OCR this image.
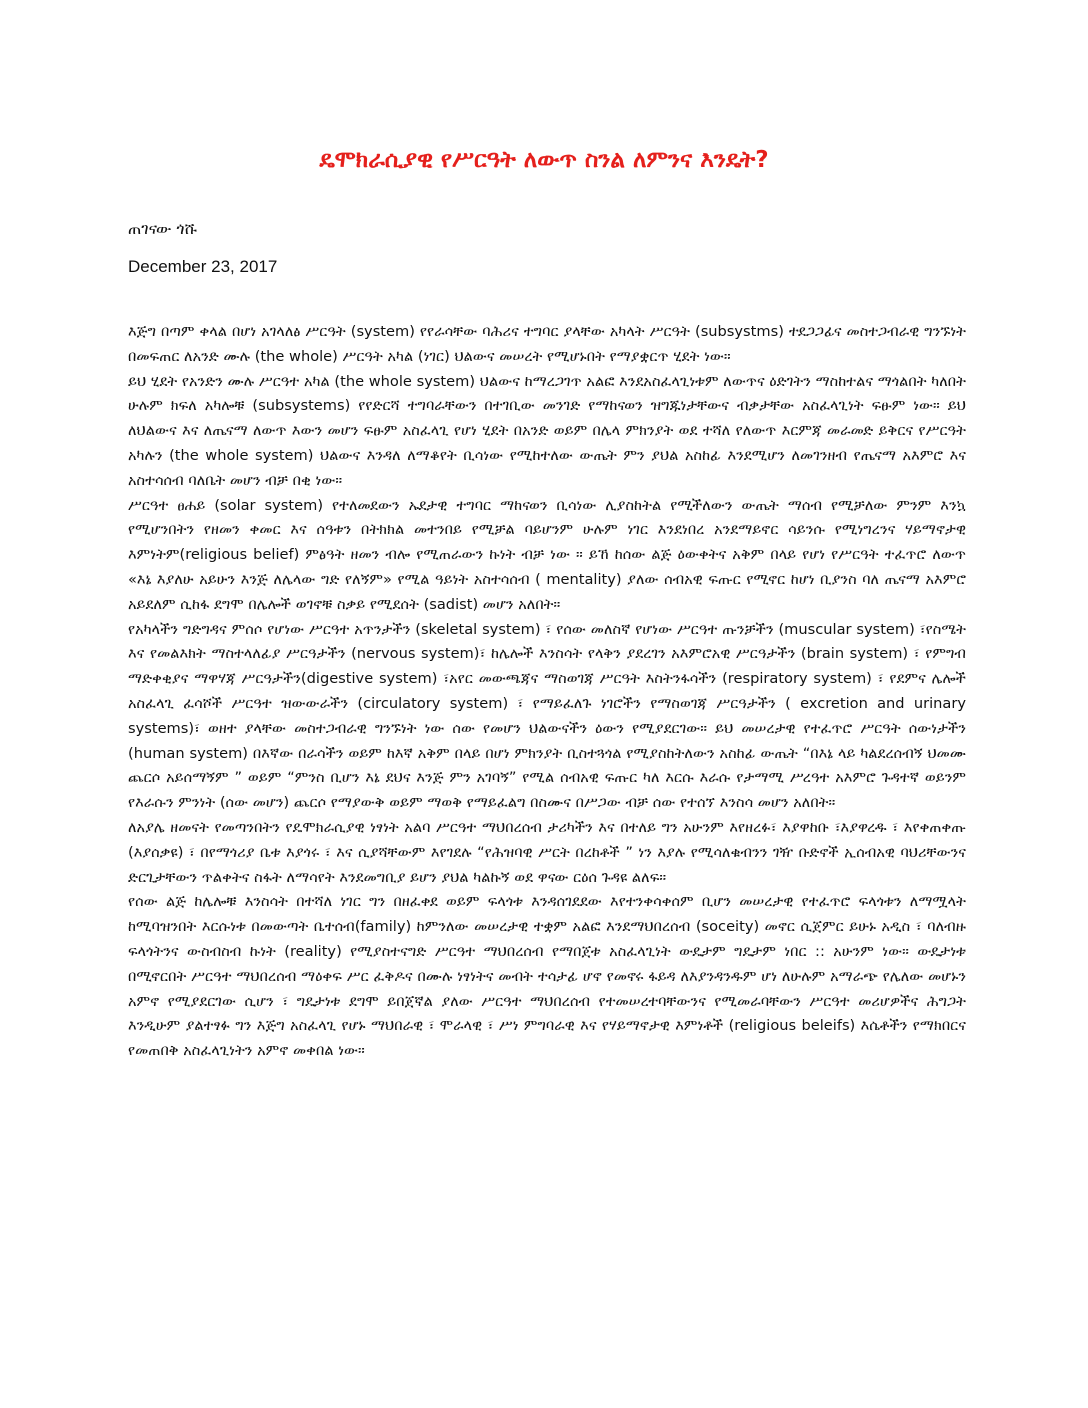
ዴሞክራሲያዊ የሥርዓት ለውጥ ስንል ለምንና እንዴት?
ጠገናው ጎሹ
December 23, 2017

እጅግ በጣም ቀላል በሆነ አገላለፅ ሥርዓት (system) የየራሳቸው ባሕሪና ተግባር ያላቸው አካላት ሥርዓት (subsystms) ተደጋጋፊና መስተጋብራዊ ግንኙነት በመፍጠር ለአንድ ሙሉ (the whole) ሥርዓት አካል (ነገር) ህልውና መሠረት የሚሆኑበት የማያቋርጥ ሂደት ነው።

ይህ ሂደት የአንድን ሙሉ ሥርዓተ አካል (the whole system) ህልውና ከማረጋገጥ አልፎ እንደአስፈላጊነቱም ለውጥና ዕድገትን ማስከተልና ማጎልበት ካለበት ሁሉም ክፍለ አካሎቹ (subsystems) የየድርሻ ተግባራቸውን በተገቢው መንገድ የማከናወን ዝግጁነታቸውና ብቃታቸው አስፈላጊነት ፍፁም ነው። ይህ ለህልውና እና ለጤናማ ለውጥ እውን መሆን ፍፁም አስፈላጊ የሆነ ሂደት በአንድ ወይም በሌላ ምክንያት ወደ ተሻለ የለውጥ እርምጃ መራመድ ይቅርና የሥርዓት አካሉን (the whole system) ህልውና እንዳለ ለማቆየት ቢሳነው የሚከተለው ውጤት ምን ያህል አስከፊ እንደሚሆን ለመገንዘብ የጤናማ አእምሮ እና አስተሳሰብ ባለቤት መሆን ብቻ በቂ ነው።

ሥርዓተ ፀሐይ (solar system) የተለመደውን ኡደታዊ ተግባር ማከናወን ቢሳነው ሊያስከትል የሚችለውን ውጤት ማሰብ የሚቻለው ምንም እንኳ የሚሆንበትን የዘመን ቀመር እና ሰዓቱን በትክክል መተንበይ የሚቻል ባይሆንም ሁሉም ነገር እንደነበረ አንደማይኖር ሳይንሱ የሚነግረንና ሃይማኖታዊ እምነትም(religious belief) ምፅዓት ዘመን ብሎ የሚጠራውን ኩነት ብቻ ነው ። ይኸ ከሰው ልጅ ዕውቀትና አቅም በላይ የሆነ የሥርዓት ተፈጥሮ ለውጥ «እኔ እያለሁ አይሁን እንጅ ለሌላው ግድ የለኝም» የሚል ዓይነት አስተሳሰብ ( mentality) ያለው ሰብአዊ ፍጡር የሚኖር ከሆነ ቢያንስ ባለ ጤናማ አእምሮ አይደለም ሲከፋ ደግሞ በሌሎች ወገኖቹ ስቃይ የሚደሰት (sadist) መሆን አለበት።

የአካላችን ግድግዳና ምሰሶ የሆነው ሥርዓተ አጥንታችን (skeletal system) ፣ የሰው መለስኛ የሆነው ሥርዓተ ጡንቻችን (muscular system) ፣የስሜት እና የመልእክት ማስተላለፊያ ሥርዓታችን (nervous system)፣ ከሌሎች እንስሳት የላቅን ያደረገን አእምሮአዊ ሥርዓታችን (brain system) ፣ የምግብ ማድቀቂያና ማዋሃጃ ሥርዓታችን(digestive system) ፣አየር መውጫጃና ማስወገጃ ሥርዓት እስትንፋሳችን (respiratory system) ፣ የደምና ሌሎች አስፈላጊ ፈሳሾች ሥርዓተ ዝውውራችን (circulatory system) ፣ የማይፈለጉ ነገሮችን የማስወገጃ ሥርዓታችን ( excretion and urinary systems)፣ ወዘተ ያላቸው መስተጋብራዊ ግንኙነት ነው ሰው የመሆን ህልውናችን ዕውን የሚያደርገው። ይህ መሠረታዊ የተፈጥሮ ሥርዓት ሰውነታችን (human system) በእኛው በራሳችን ወይም ከእኛ አቅም በላይ በሆነ ምክንያት ቢስተጓጎል የሚያስከትለውን አስከፊ ውጤት “በእኔ ላይ ካልደረሰብኝ ህመሙ ጨርሶ አይሰማኝም ” ወይም “ምንስ ቢሆን እኔ ደህና እንጅ ምን አገባኝ” የሚል ሰብአዊ ፍጡር ካለ እርሱ እራሱ የታማሚ ሥረዓተ አእምሮ ጉዳተኛ ወይንም የእራሱን ምንነት (ሰው መሆን) ጨርሶ የማያውቅ ወይም ማወቅ የማይፈልግ በስሙና በሥጋው ብቻ ሰው የተሰኘ እንስሳ መሆን አለበት።

ለአያሌ ዘመናት የመጣንበትን የዴሞክራሲያዊ ነፃነት አልባ ሥርዓተ ማህበረሰብ ታሪካችን እና በተለይ ግን አሁንም እየዘረፉ፣ እያዋከቡ ፣እያዋረዱ ፣ እየቀጠቀጡ (እያሰቃዩ) ፣ በየማጎሪያ ቤቱ እያጎሩ ፣ እና ሲያሻቸውም እየገደሉ “የሕዝባዊ ሥርት በረከቶች ” ነን እያሉ የሚሳለቁብንን ገዥ ቡድኖች ኢሰብአዊ ባህሪቸውንና ድርጊታቸውን ጥልቀትና ስፋት ለማሳየት እንደመግቢያ ይሆን ያህል ካልኩኝ ወደ ዋናው ርዕሰ ጉዳዩ ልለፍ።

የሰው ልጅ ከሌሎቹ እንስሳት በተሻለ ነገር ግን በዘፈቀደ ወይም ፍላጎቱ እንዳሰገደደው እየተንቀሳቀሰም ቢሆን መሠረታዊ የተፈጥሮ ፍላጎቱን ለማሟላት ከሚባዝንበት እርሱነቱ በመውጣት ቤተሰብ(family) ከምንለው መሠረታዊ ተቋም አልፎ እንደማህበረሰብ (soceity) መኖር ሲጀምር ይሁኑ አዲስ ፣ ባለብዙ ፍላጎትንና ውስብስብ ኩነት (reality) የሚያስተናግድ ሥርዓተ ማህበረሰብ የማበጀቱ አስፈላጊነት ውዴታም ግዴታም ነበር :: አሁንም ነው። ውዴታነቱ በሚኖርበት ሥርዓተ ማህበረሰብ ማዕቀፍ ሥር ፈቅዶና በሙሉ ነፃነትና መብት ተሳታፊ ሆኖ የመኖሩ ፋይዳ ለእያንዳንዱም ሆነ ለሁሉም አማራጭ የሌለው መሆኑን አምኖ የሚያደርገው ሲሆን ፣ ግዴታነቱ ደግሞ ይበጀኛል ያለው ሥርዓተ ማህበረሰብ የተመሠረተባቸውንና የሚመራባቸውን ሥርዓተ መሪሆዎችና ሕግጋት እንዲሁም ያልተፃፉ ግን እጅግ አስፈላጊ የሆኑ ማህበራዊ ፣ ሞራላዊ ፣ ሥነ ምግባራዊ እና የሃይማኖታዊ እምነቶች (religious beleifs) እሴቶችን የማክበርና የመጠበቅ አስፈላጊነትን አምኖ መቀበል ነው።
